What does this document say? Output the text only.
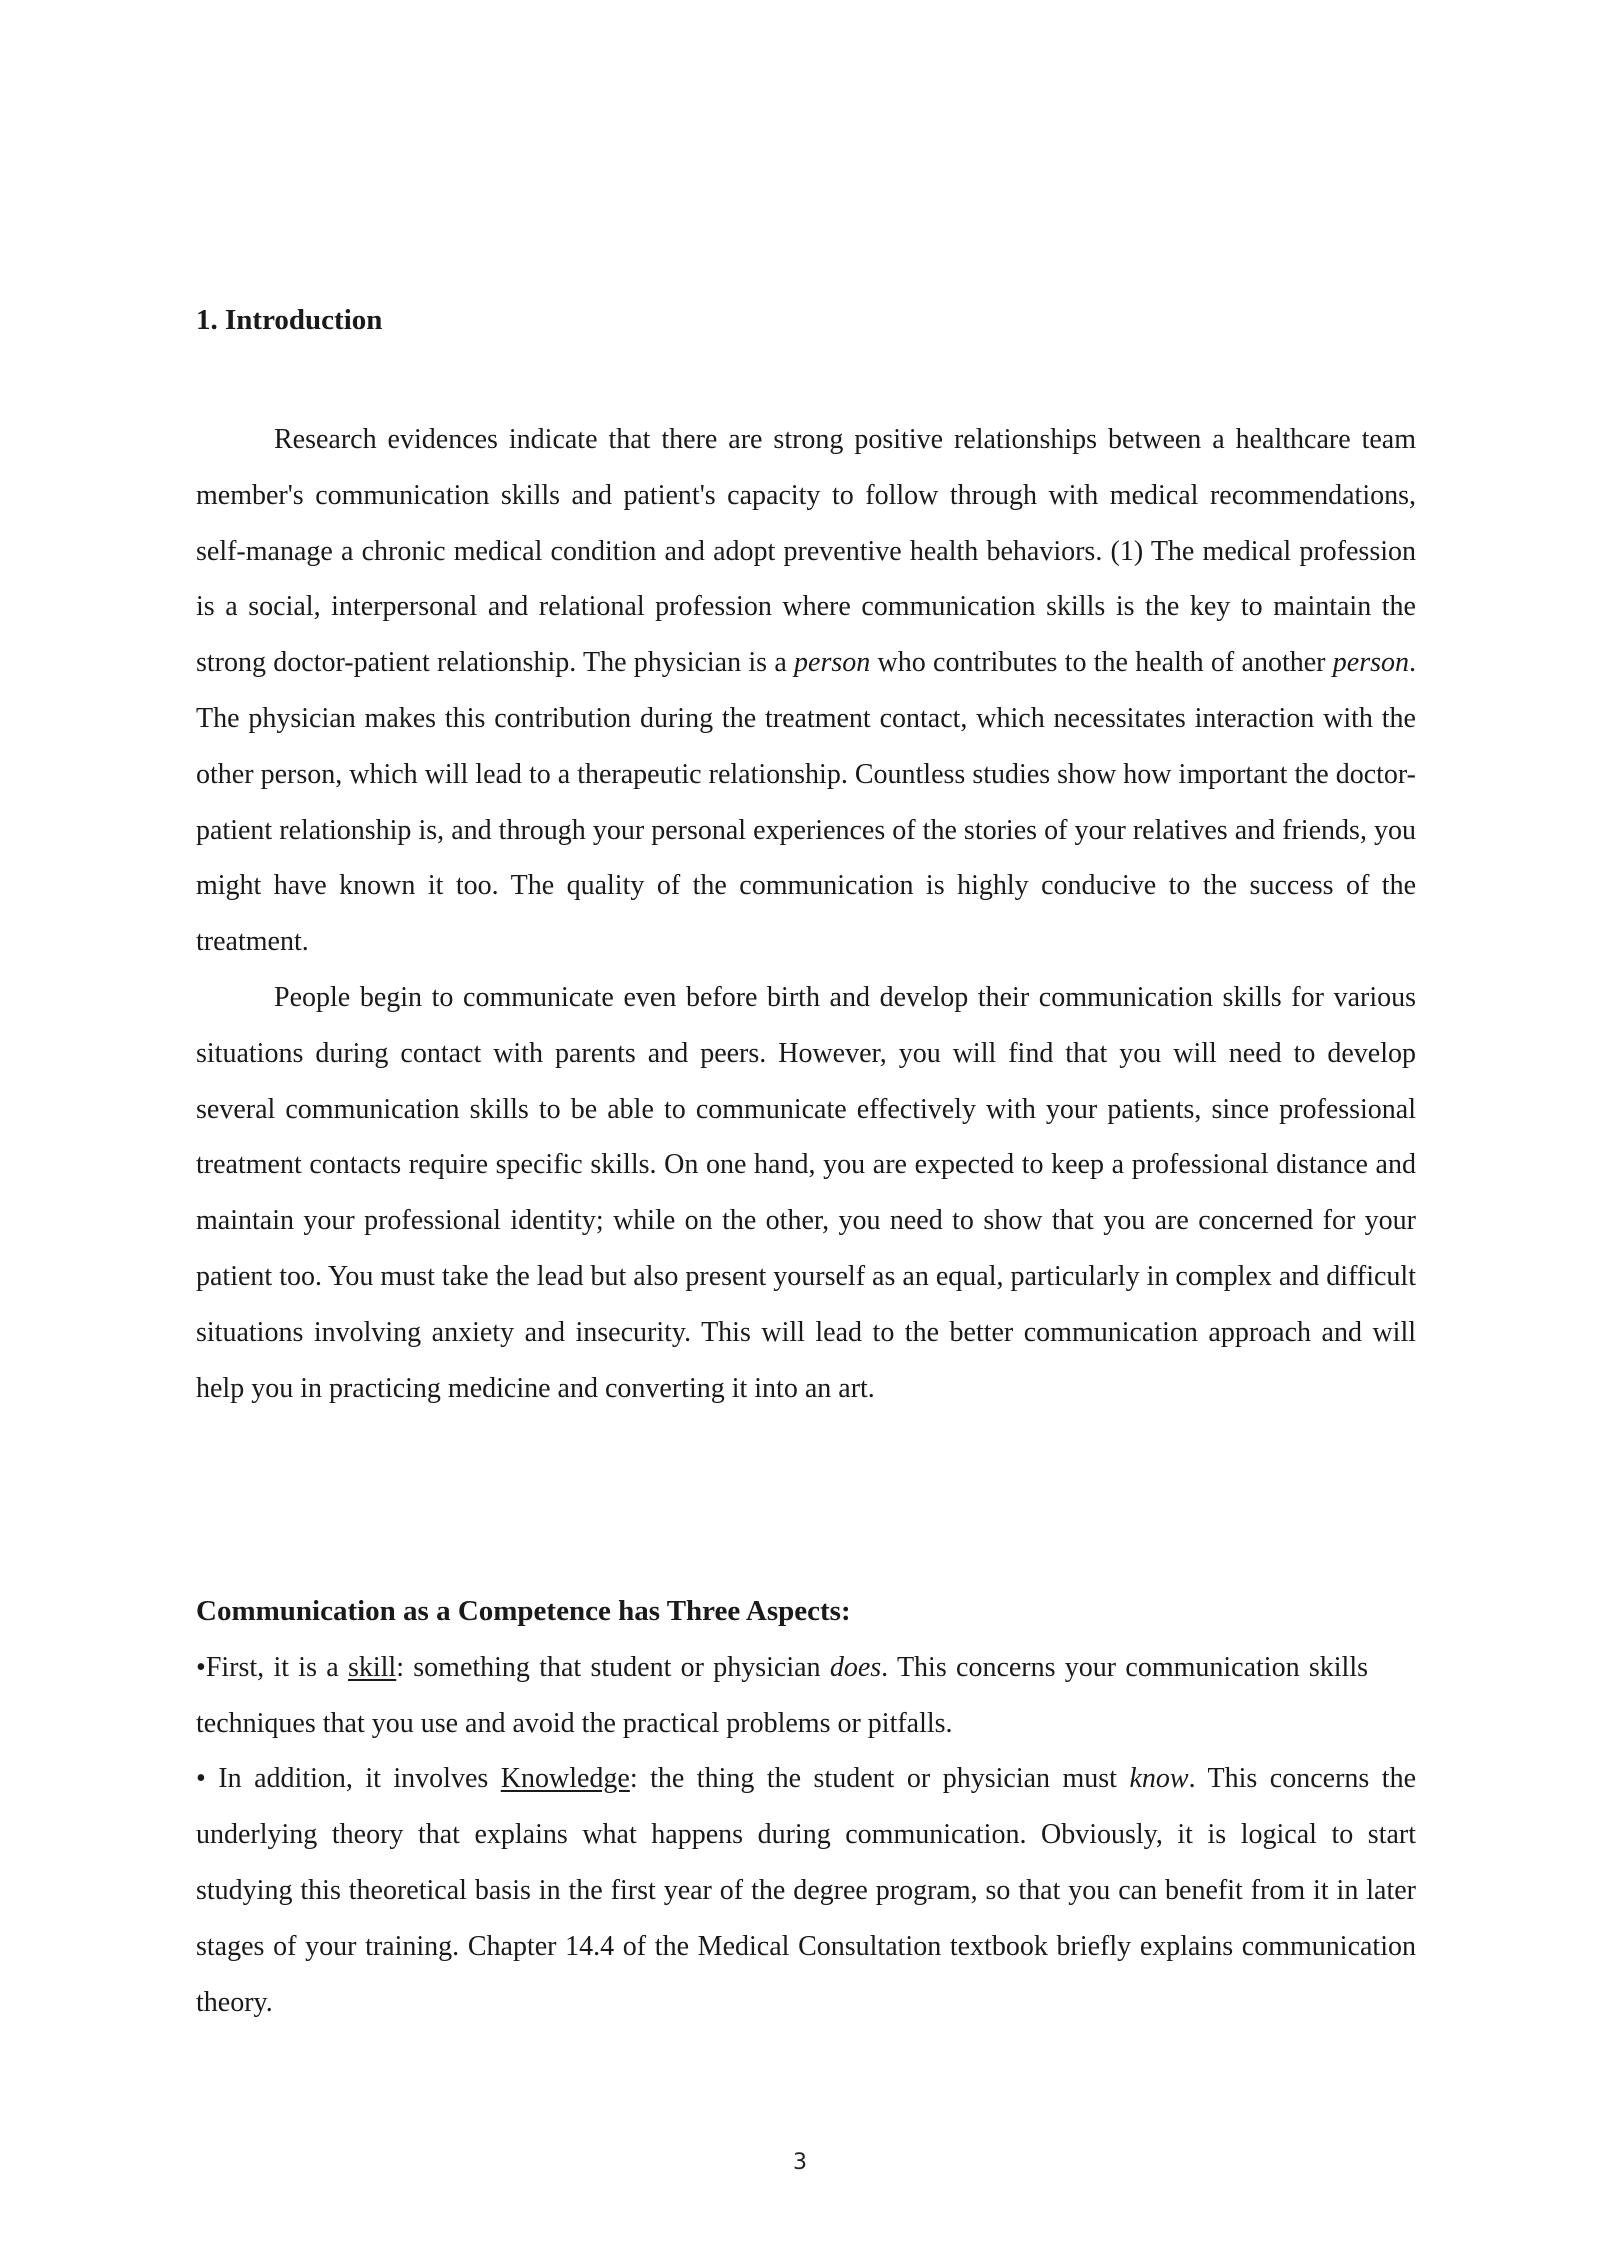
1. Introduction

Research evidences indicate that there are strong positive relationships between a healthcare team member's communication skills and patient's capacity to follow through with medical recommendations, self-manage a chronic medical condition and adopt preventive health behaviors. (1) The medical profession is a social, interpersonal and relational profession where communication skills is the key to maintain the strong doctor-patient relationship. The physician is a person who contributes to the health of another person. The physician makes this contribution during the treatment contact, which necessitates interaction with the other person, which will lead to a therapeutic relationship. Countless studies show how important the doctor-patient relationship is, and through your personal experiences of the stories of your relatives and friends, you might have known it too. The quality of the communication is highly conducive to the success of the treatment.

People begin to communicate even before birth and develop their communication skills for various situations during contact with parents and peers. However, you will find that you will need to develop several communication skills to be able to communicate effectively with your patients, since professional treatment contacts require specific skills. On one hand, you are expected to keep a professional distance and maintain your professional identity; while on the other, you need to show that you are concerned for your patient too. You must take the lead but also present yourself as an equal, particularly in complex and difficult situations involving anxiety and insecurity. This will lead to the better communication approach and will help you in practicing medicine and converting it into an art.

Communication as a Competence has Three Aspects:

•First, it is a skill: something that student or physician does. This concerns your communication skills techniques that you use and avoid the practical problems or pitfalls.

• In addition, it involves Knowledge: the thing the student or physician must know. This concerns the underlying theory that explains what happens during communication. Obviously, it is logical to start studying this theoretical basis in the first year of the degree program, so that you can benefit from it in later stages of your training. Chapter 14.4 of the Medical Consultation textbook briefly explains communication theory.

3
